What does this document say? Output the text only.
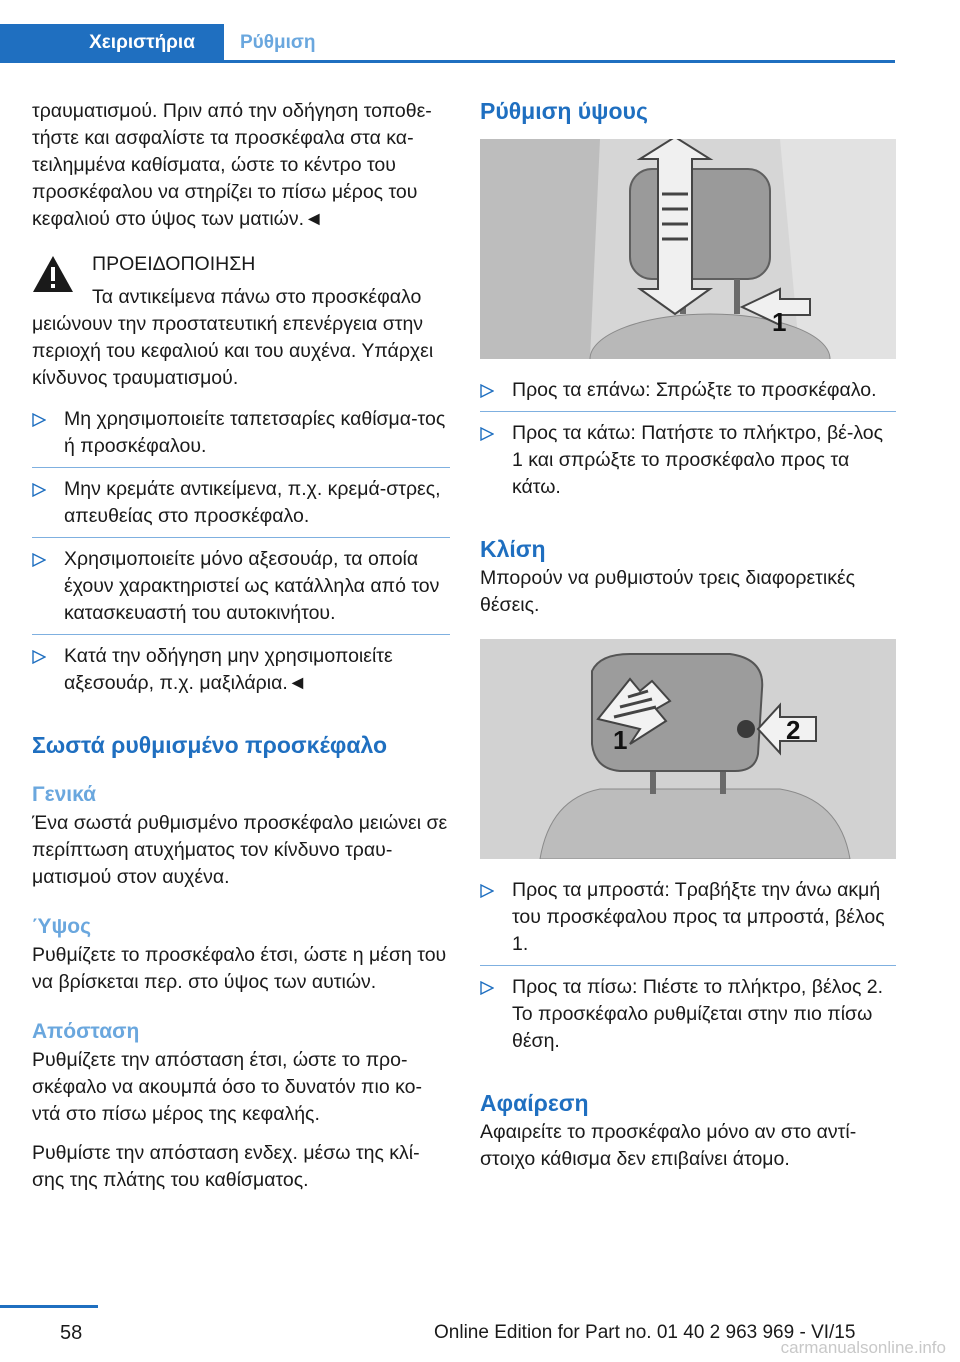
Χειριστήρια	Ρύθμιση

τραυματισμού. Πριν από την οδήγηση τοποθε-τήστε και ασφαλίστε τα προσκέφαλα στα κα-τειλημμένα καθίσματα, ώστε το κέντρο του προσκέφαλου να στηρίζει το πίσω μέρος του κεφαλιού στο ύψος των ματιών.◄

ΠΡΟΕΙΔΟΠΟΙΗΣΗ

Τα αντικείμενα πάνω στο προσκέφαλο μειώνουν την προστατευτική επενέργεια στην περιοχή του κεφαλιού και του αυχένα. Υπάρχει κίνδυνος τραυματισμού.

Μη χρησιμοποιείτε ταπετσαρίες καθίσμα-τος ή προσκέφαλου.
Μην κρεμάτε αντικείμενα, π.χ. κρεμά-στρες, απευθείας στο προσκέφαλο.
Χρησιμοποιείτε μόνο αξεσουάρ, τα οποία έχουν χαρακτηριστεί ως κατάλληλα από τον κατασκευαστή του αυτοκινήτου.
Κατά την οδήγηση μην χρησιμοποιείτε αξεσουάρ, π.χ. μαξιλάρια.◄
Σωστά ρυθμισμένο προσκέφαλο
Γενικά

Ένα σωστά ρυθμισμένο προσκέφαλο μειώνει σε περίπτωση ατυχήματος τον κίνδυνο τραυ-ματισμού στον αυχένα.

Ύψος

Ρυθμίζετε το προσκέφαλο έτσι, ώστε η μέση του να βρίσκεται περ. στο ύψος των αυτιών.

Απόσταση

Ρυθμίζετε την απόσταση έτσι, ώστε το προ-σκέφαλο να ακουμπά όσο το δυνατόν πιο κο-ντά στο πίσω μέρος της κεφαλής.

Ρυθμίστε την απόσταση ενδεχ. μέσω της κλί-σης της πλάτης του καθίσματος.

Ρύθμιση ύψους
1
Προς τα επάνω: Σπρώξτε το προσκέφαλο.
Προς τα κάτω: Πατήστε το πλήκτρο, βέ-λος 1 και σπρώξτε το προσκέφαλο προς τα κάτω.
Κλίση

Μπορούν να ρυθμιστούν τρεις διαφορετικές θέσεις.

1	2
Προς τα μπροστά: Τραβήξτε την άνω ακμή του προσκέφαλου προς τα μπροστά, βέλος 1.
Προς τα πίσω: Πιέστε το πλήκτρο, βέλος 2. Το προσκέφαλο ρυθμίζεται στην πιο πίσω θέση.
Αφαίρεση

Αφαιρείτε το προσκέφαλο μόνο αν στο αντί-στοιχο κάθισμα δεν επιβαίνει άτομο.

58	Online Edition for Part no. 01 40 2 963 969 - VI/15
carmanualsonline.info
